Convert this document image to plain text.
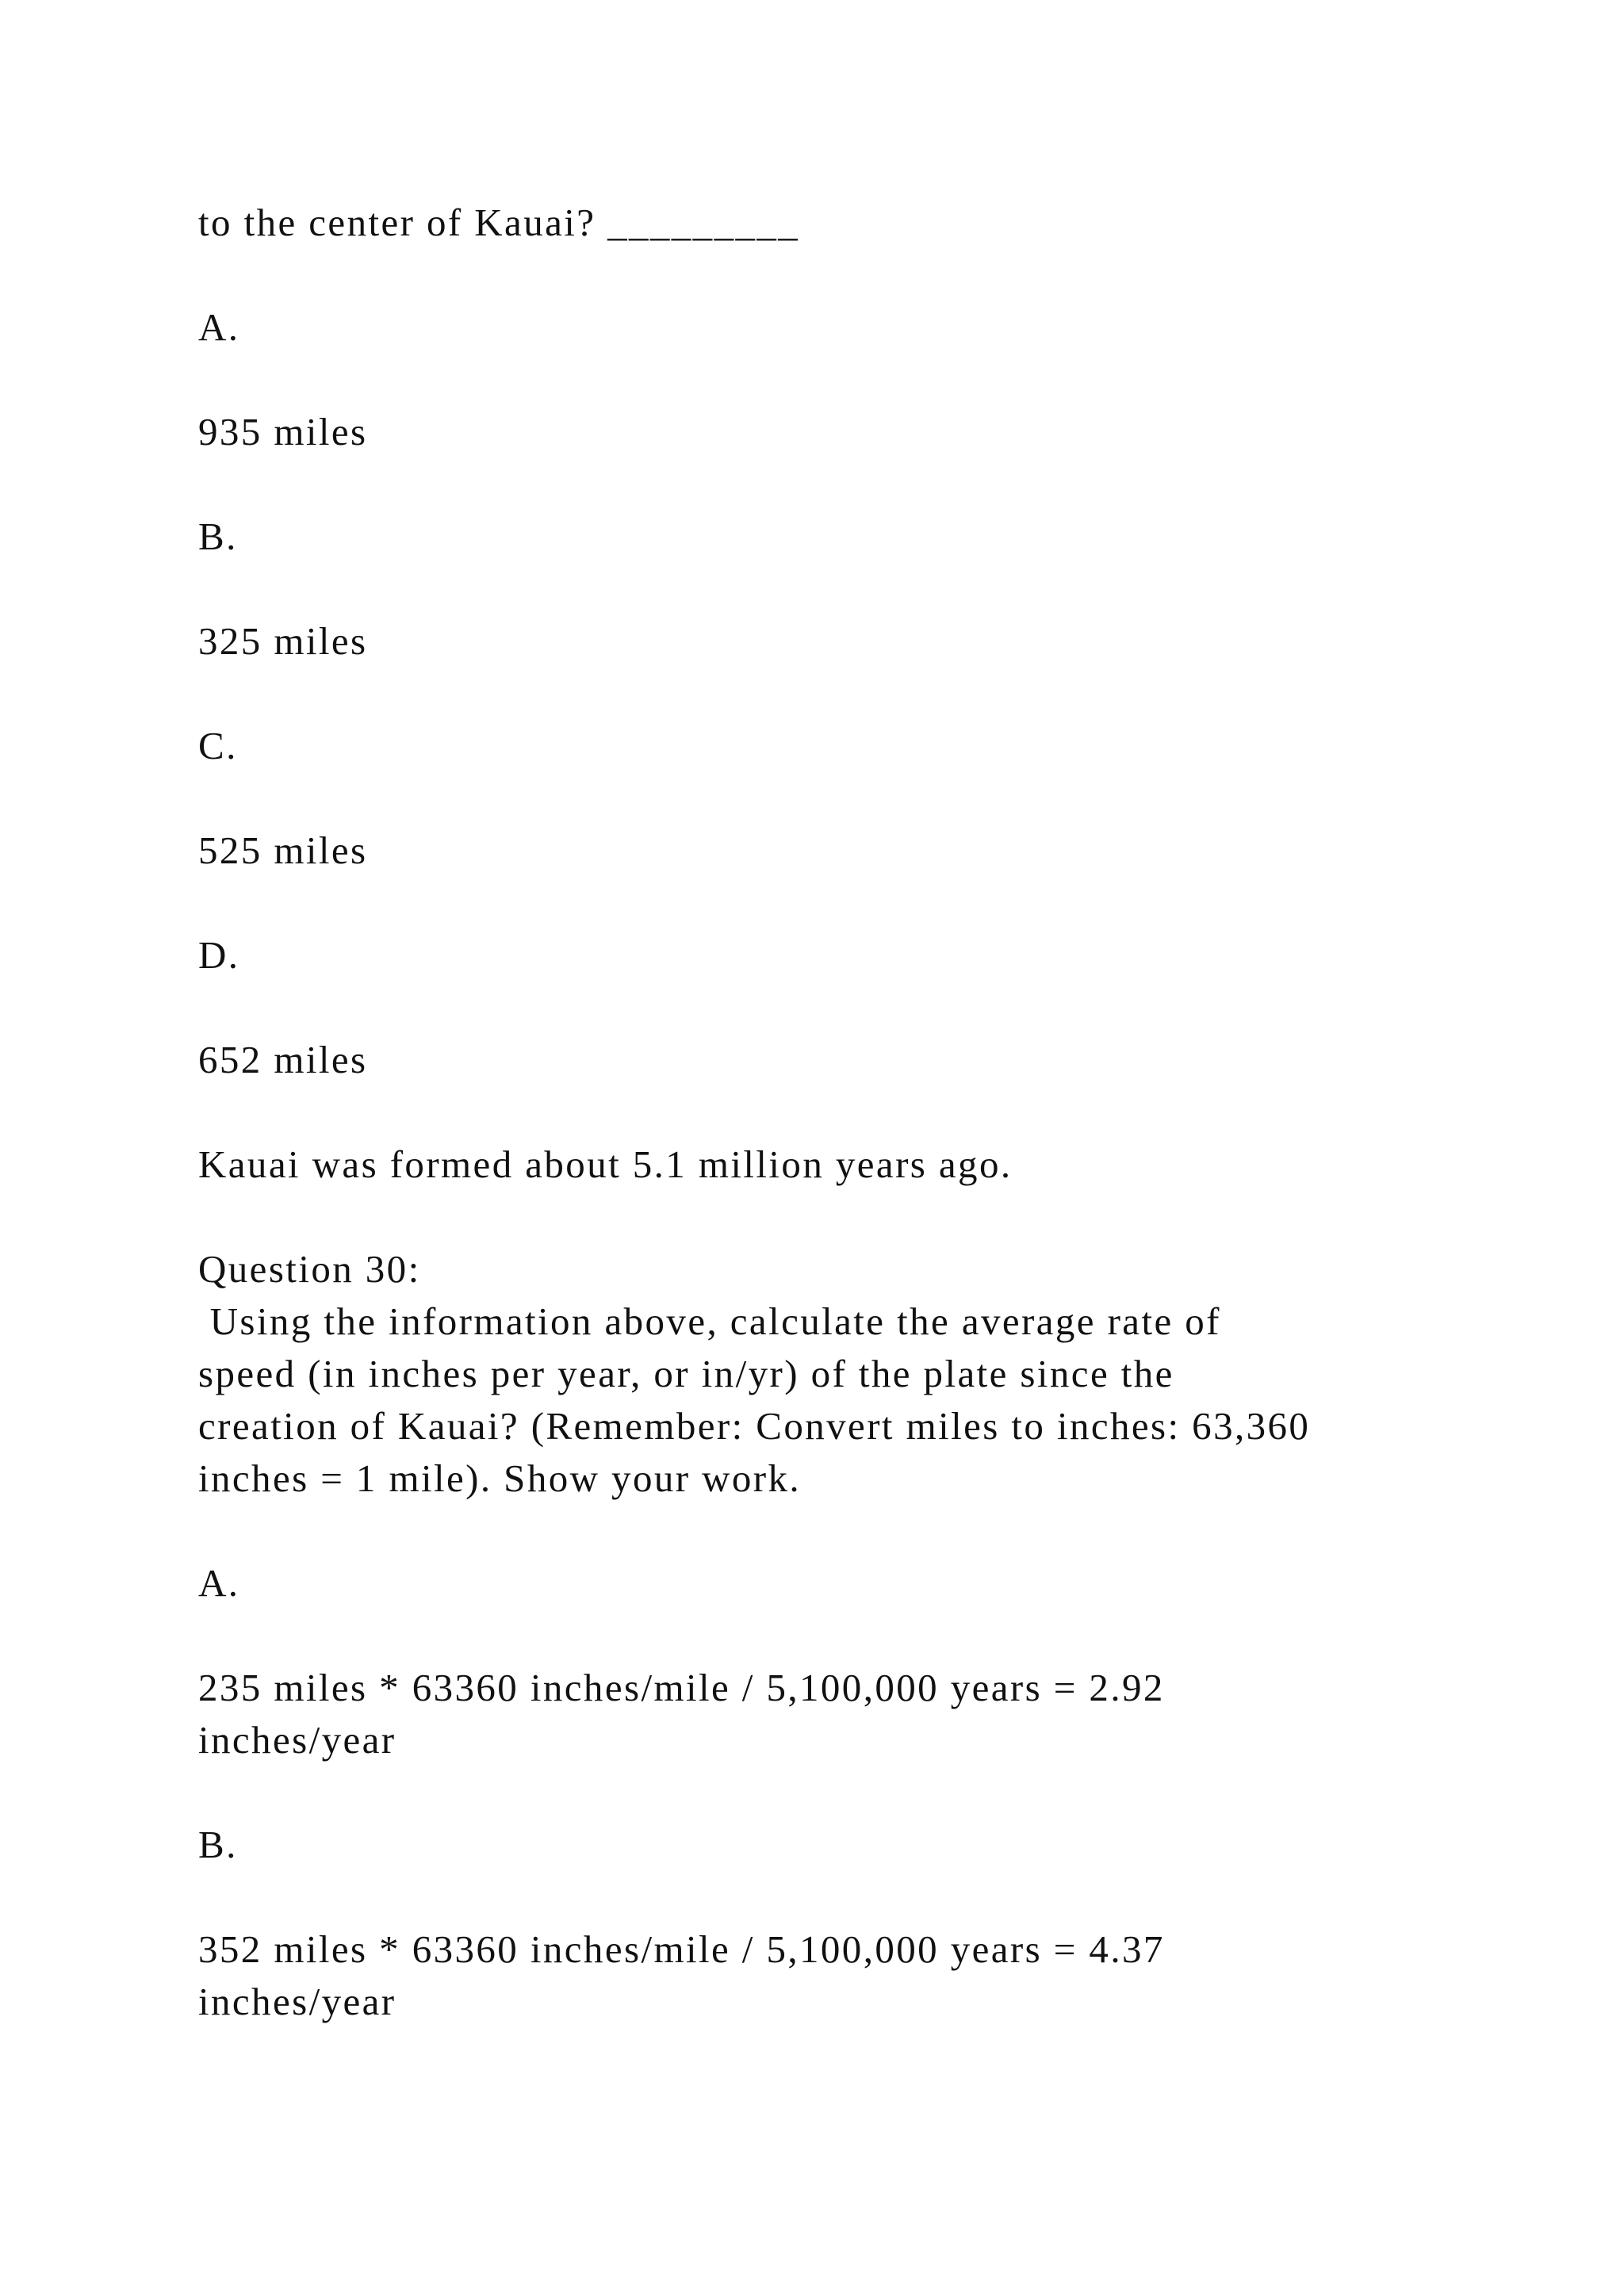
to the center of Kauai? _________
A.
935 miles
B.
325 miles
C.
525 miles
D.
652 miles
Kauai was formed about 5.1 million years ago.
Question 30:
Using the information above, calculate the average rate of
speed (in inches per year, or in/yr) of the plate since the
creation of Kauai? (Remember: Convert miles to inches: 63,360
inches = 1 mile). Show your work.
A.
235 miles * 63360 inches/mile / 5,100,000 years = 2.92
inches/year
B.
352 miles * 63360 inches/mile / 5,100,000 years = 4.37
inches/year
